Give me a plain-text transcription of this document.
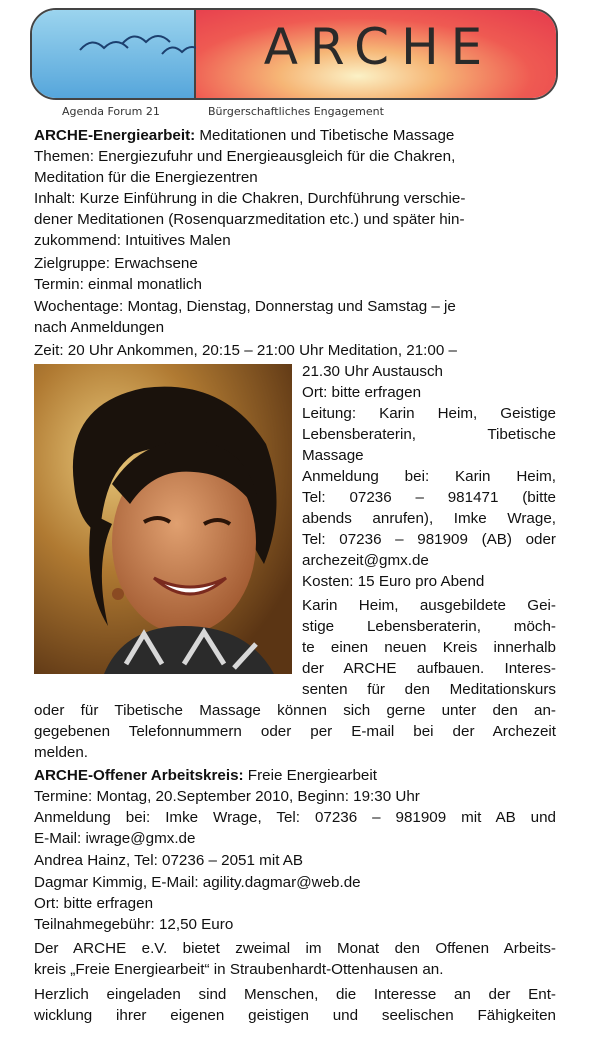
ARCHE
Agenda Forum 21	Bürgerschaftliches Engagement
ARCHE-Energiearbeit: Meditationen und Tibetische Massage
Themen: Energiezufuhr und Energieausgleich für die Chakren,
Meditation für die Energiezentren
Inhalt: Kurze Einführung in die Chakren, Durchführung verschie-
dener Meditationen (Rosenquarzmeditation etc.) und später hin-
zukommend: Intuitives Malen
Zielgruppe: Erwachsene
Termin: einmal monatlich
Wochentage: Montag, Dienstag, Donnerstag und Samstag – je
nach Anmeldungen
Zeit: 20 Uhr Ankommen, 20:15 – 21:00 Uhr Meditation, 21:00 –
21.30 Uhr Austausch
Ort: bitte erfragen
Leitung: Karin Heim, Geistige
Lebensberaterin, Tibetische
Massage
Anmeldung bei: Karin Heim,
Tel: 07236 – 981471 (bitte
abends anrufen), Imke Wrage,
Tel: 07236 – 981909 (AB) oder
archezeit@gmx.de
Kosten: 15 Euro pro Abend
Karin Heim, ausgebildete Gei-
stige Lebensberaterin, möch-
te einen neuen Kreis innerhalb
der ARCHE aufbauen. Interes-
senten für den Meditationskurs
oder für Tibetische Massage können sich gerne unter den an-
gegebenen Telefonnummern oder per E-mail bei der Archezeit
melden.
ARCHE-Offener Arbeitskreis: Freie Energiearbeit
Termine: Montag, 20.September 2010, Beginn: 19:30 Uhr
Anmeldung bei: Imke Wrage, Tel: 07236 – 981909 mit AB und
E-Mail: iwrage@gmx.de
Andrea Hainz, Tel: 07236 – 2051 mit AB
Dagmar Kimmig, E-Mail: agility.dagmar@web.de
Ort: bitte erfragen
Teilnahmegebühr: 12,50 Euro
Der ARCHE e.V. bietet zweimal im Monat den Offenen Arbeits-
kreis „Freie Energiearbeit“ in Straubenhardt-Ottenhausen an.
Herzlich eingeladen sind Menschen, die Interesse an der Ent-
wicklung ihrer eigenen geistigen und seelischen Fähigkeiten
